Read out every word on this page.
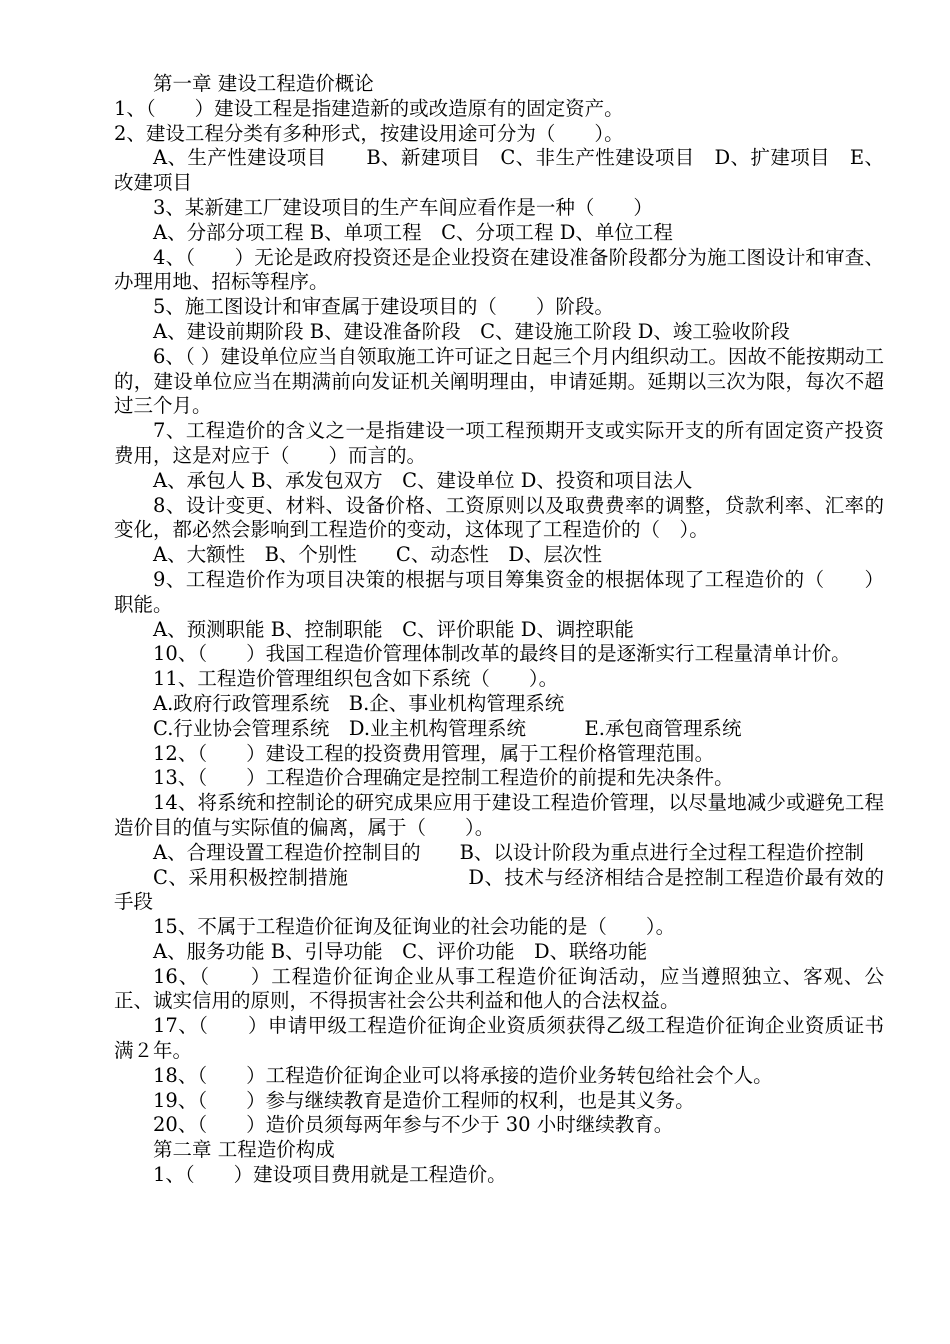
第一章 建设工程造价概论

1、（　　）建设工程是指建造新的或改造原有的固定资产。

2、建设工程分类有多种形式，按建设用途可分为（　　）。

A、生产性建设项目　　B、新建项目　C、非生产性建设项目　D、扩建项目　E、改建项目

3、某新建工厂建设项目的生产车间应看作是一种（　　）

A、分部分项工程 B、单项工程　C、分项工程 D、单位工程

4、（　　）无论是政府投资还是企业投资在建设准备阶段都分为施工图设计和审查、办理用地、招标等程序。

5、施工图设计和审查属于建设项目的（　　）阶段。

A、建设前期阶段 B、建设准备阶段　C、建设施工阶段 D、竣工验收阶段

6、（ ）建设单位应当自领取施工许可证之日起三个月内组织动工。因故不能按期动工的，建设单位应当在期满前向发证机关阐明理由，申请延期。延期以三次为限，每次不超过三个月。

7、工程造价的含义之一是指建设一项工程预期开支或实际开支的所有固定资产投资费用，这是对应于（　　）而言的。

A、承包人 B、承发包双方　C、建设单位 D、投资和项目法人

8、设计变更、材料、设备价格、工资原则以及取费费率的调整，贷款利率、汇率的变化，都必然会影响到工程造价的变动，这体现了工程造价的（　）。

A、大额性　B、个别性　　C、动态性　D、层次性

9、工程造价作为项目决策的根据与项目筹集资金的根据体现了工程造价的（　　）职能。

A、预测职能 B、控制职能　C、评价职能 D、调控职能

10、（　　）我国工程造价管理体制改革的最终目的是逐渐实行工程量清单计价。

11、工程造价管理组织包含如下系统（　　）。

A.政府行政管理系统　B.企、事业机构管理系统

C.行业协会管理系统　D.业主机构管理系统　　　E.承包商管理系统

12、（　　）建设工程的投资费用管理，属于工程价格管理范围。

13、（　　）工程造价合理确定是控制工程造价的前提和先决条件。

14、将系统和控制论的研究成果应用于建设工程造价管理，以尽量地减少或避免工程造价目的值与实际值的偏离，属于（　　）。

A、合理设置工程造价控制目的　　B、以设计阶段为重点进行全过程工程造价控制

C、采用积极控制措施　　　　　　D、技术与经济相结合是控制工程造价最有效的手段

15、不属于工程造价征询及征询业的社会功能的是（　　）。

A、服务功能 B、引导功能　C、评价功能　D、联络功能

16、（　　）工程造价征询企业从事工程造价征询活动，应当遵照独立、客观、公正、诚实信用的原则，不得损害社会公共利益和他人的合法权益。

17、（　　）申请甲级工程造价征询企业资质须获得乙级工程造价征询企业资质证书满２年。

18、（　　）工程造价征询企业可以将承接的造价业务转包给社会个人。

19、（　　）参与继续教育是造价工程师的权利，也是其义务。

20、（　　）造价员须每两年参与不少于 30 小时继续教育。

第二章 工程造价构成

1、（　　）建设项目费用就是工程造价。
